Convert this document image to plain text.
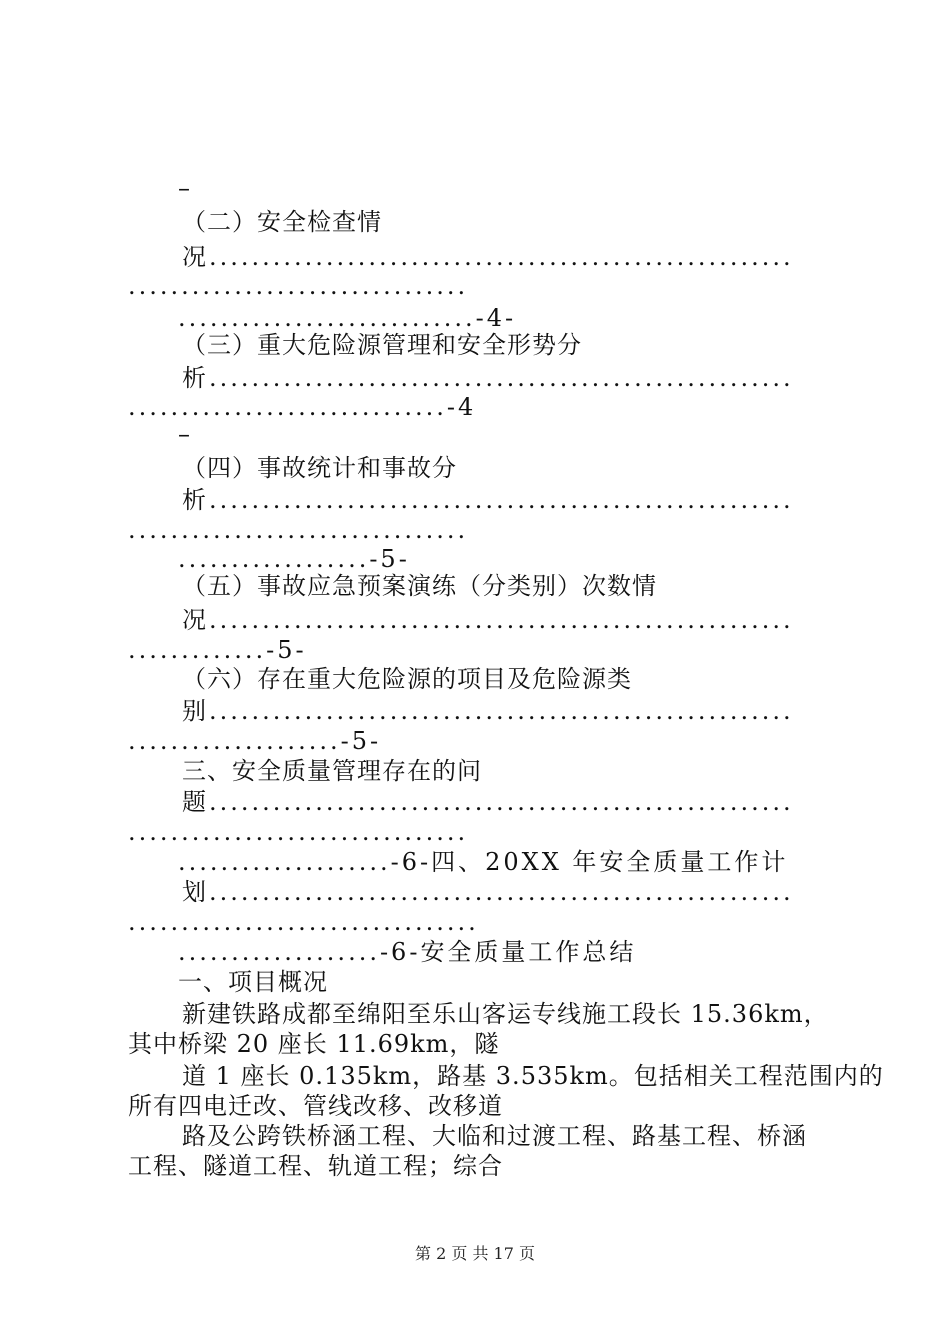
–
（二）安全检查情
况.......................................................
................................
............................-4-
（三）重大危险源管理和安全形势分
析.......................................................
..............................-4
–
（四）事故统计和事故分
析.......................................................
................................
..................-5-
（五）事故应急预案演练（分类别）次数情
况.......................................................
.............-5-
（六）存在重大危险源的项目及危险源类
别.......................................................
....................-5-
三、安全质量管理存在的问
题.......................................................
................................
....................-6-四、20XX 年安全质量工作计
划.......................................................
.................................
...................-6-安全质量工作总结
一、项目概况
新建铁路成都至绵阳至乐山客运专线施工段长 15.36km，
其中桥梁 20 座长 11.69km，隧
道 1 座长 0.135km，路基 3.535km。包括相关工程范围内的
所有四电迁改、管线改移、改移道
路及公跨铁桥涵工程、大临和过渡工程、路基工程、桥涵
工程、隧道工程、轨道工程；综合
第 2 页 共 17 页
